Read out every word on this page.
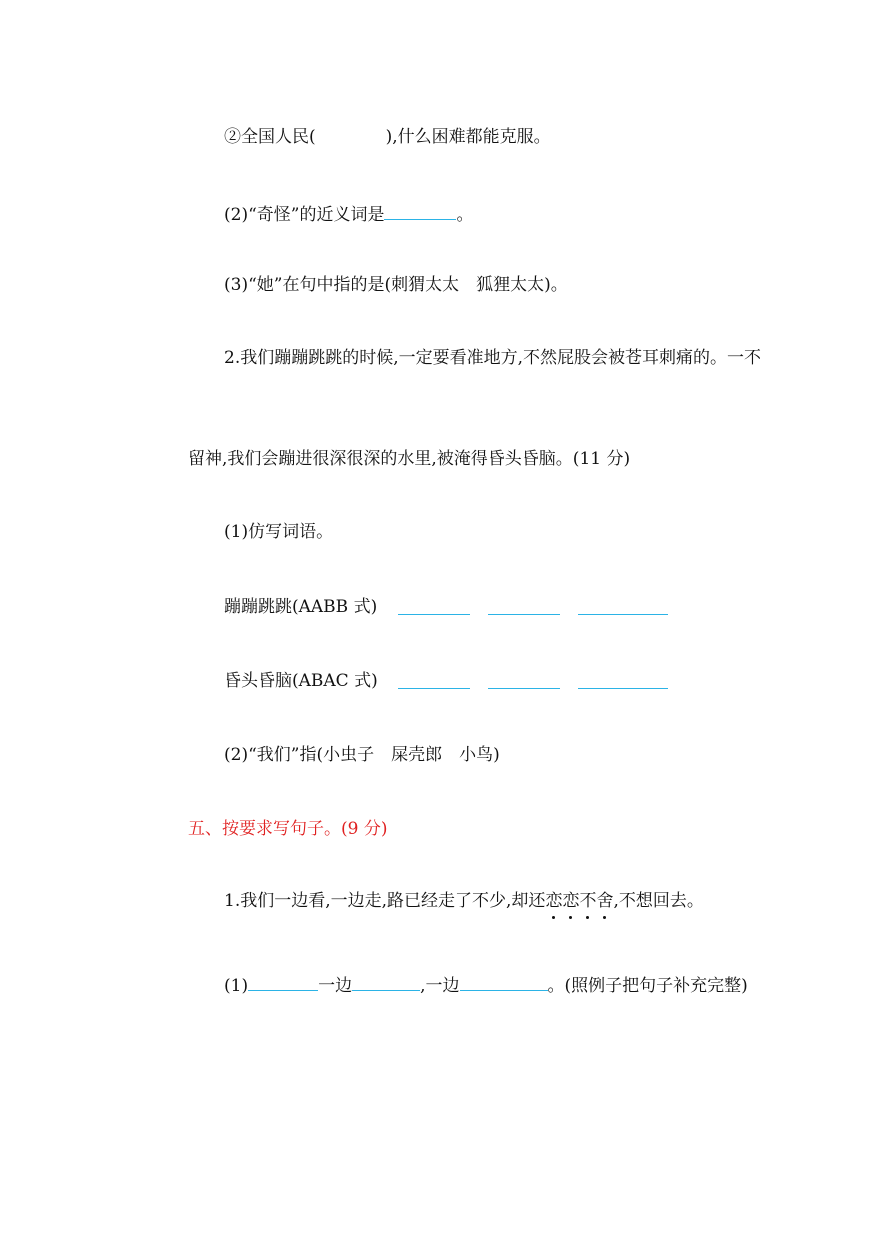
②全国人民(	),什么困难都能克服。
(2)“奇怪”的近义词是	。
(3)“她”在句中指的是(刺猬太太　狐狸太太)。
2.我们蹦蹦跳跳的时候,一定要看准地方,不然屁股会被苍耳刺痛的。一不
留神,我们会蹦进很深很深的水里,被淹得昏头昏脑。(11 分)
(1)仿写词语。
蹦蹦跳跳(AABB 式)
昏头昏脑(ABAC 式)
(2)“我们”指(小虫子　屎壳郎　小鸟)
五、按要求写句子。(9 分)
1.我们一边看,一边走,路已经走了不少,却还恋恋不舍,不想回去。
(1)	一边	,一边	。(照例子把句子补充完整)
